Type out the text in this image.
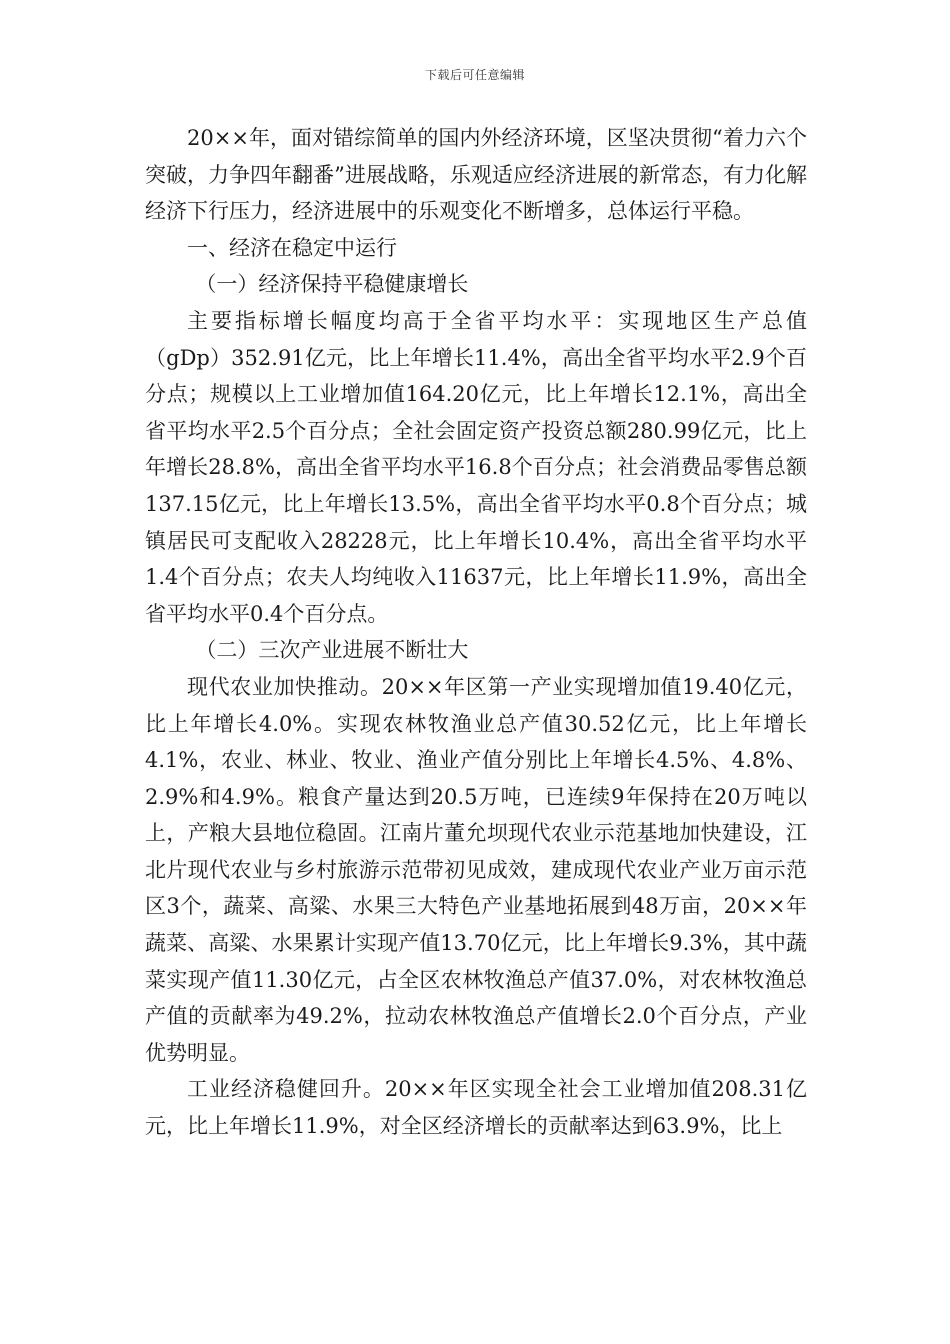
下载后可任意编辑

20××年，面对错综简单的国内外经济环境，区坚决贯彻“着力六个突破，力争四年翻番”进展战略，乐观适应经济进展的新常态，有力化解经济下行压力，经济进展中的乐观变化不断增多，总体运行平稳。

一、经济在稳定中运行

（一）经济保持平稳健康增长

主要指标增长幅度均高于全省平均水平：实现地区生产总值（gDp）352.91亿元，比上年增长11.4%，高出全省平均水平2.9个百分点；规模以上工业增加值164.20亿元，比上年增长12.1%，高出全省平均水平2.5个百分点；全社会固定资产投资总额280.99亿元，比上年增长28.8%，高出全省平均水平16.8个百分点；社会消费品零售总额137.15亿元，比上年增长13.5%，高出全省平均水平0.8个百分点；城镇居民可支配收入28228元，比上年增长10.4%，高出全省平均水平1.4个百分点；农夫人均纯收入11637元，比上年增长11.9%，高出全省平均水平0.4个百分点。

（二）三次产业进展不断壮大

现代农业加快推动。20××年区第一产业实现增加值19.40亿元，比上年增长4.0%。实现农林牧渔业总产值30.52亿元，比上年增长4.1%，农业、林业、牧业、渔业产值分别比上年增长4.5%、4.8%、2.9%和4.9%。粮食产量达到20.5万吨，已连续9年保持在20万吨以上，产粮大县地位稳固。江南片董允坝现代农业示范基地加快建设，江北片现代农业与乡村旅游示范带初见成效，建成现代农业产业万亩示范区3个，蔬菜、高粱、水果三大特色产业基地拓展到48万亩，20××年蔬菜、高粱、水果累计实现产值13.70亿元，比上年增长9.3%，其中蔬菜实现产值11.30亿元，占全区农林牧渔总产值37.0%，对农林牧渔总产值的贡献率为49.2%，拉动农林牧渔总产值增长2.0个百分点，产业优势明显。

工业经济稳健回升。20××年区实现全社会工业增加值208.31亿元，比上年增长11.9%，对全区经济增长的贡献率达到63.9%，比上
